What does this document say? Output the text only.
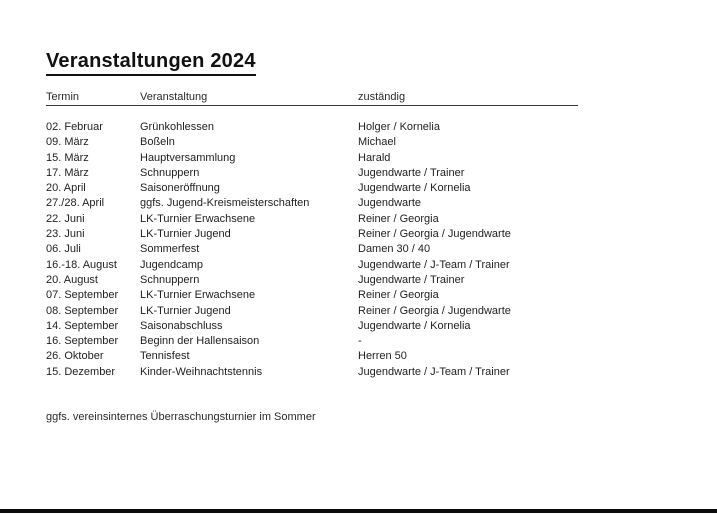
Veranstaltungen 2024
Termin	Veranstaltung	zuständig
02. Februar	Grünkohlessen	Holger / Kornelia
09. März	Boßeln	Michael
15. März	Hauptversammlung	Harald
17. März	Schnuppern	Jugendwarte / Trainer
20. April	Saisoneröffnung	Jugendwarte / Kornelia
27./28. April	ggfs. Jugend-Kreismeisterschaften	Jugendwarte
22. Juni	LK-Turnier Erwachsene	Reiner / Georgia
23. Juni	LK-Turnier Jugend	Reiner / Georgia / Jugendwarte
06. Juli	Sommerfest	Damen 30 / 40
16.-18. August	Jugendcamp	Jugendwarte / J-Team / Trainer
20. August	Schnuppern	Jugendwarte / Trainer
07. September	LK-Turnier Erwachsene	Reiner / Georgia
08. September	LK-Turnier Jugend	Reiner / Georgia / Jugendwarte
14. September	Saisonabschluss	Jugendwarte / Kornelia
16. September	Beginn der Hallensaison	-
26. Oktober	Tennisfest	Herren 50
15. Dezember	Kinder-Weihnachtstennis	Jugendwarte / J-Team / Trainer
ggfs. vereinsinternes Überraschungsturnier im Sommer
